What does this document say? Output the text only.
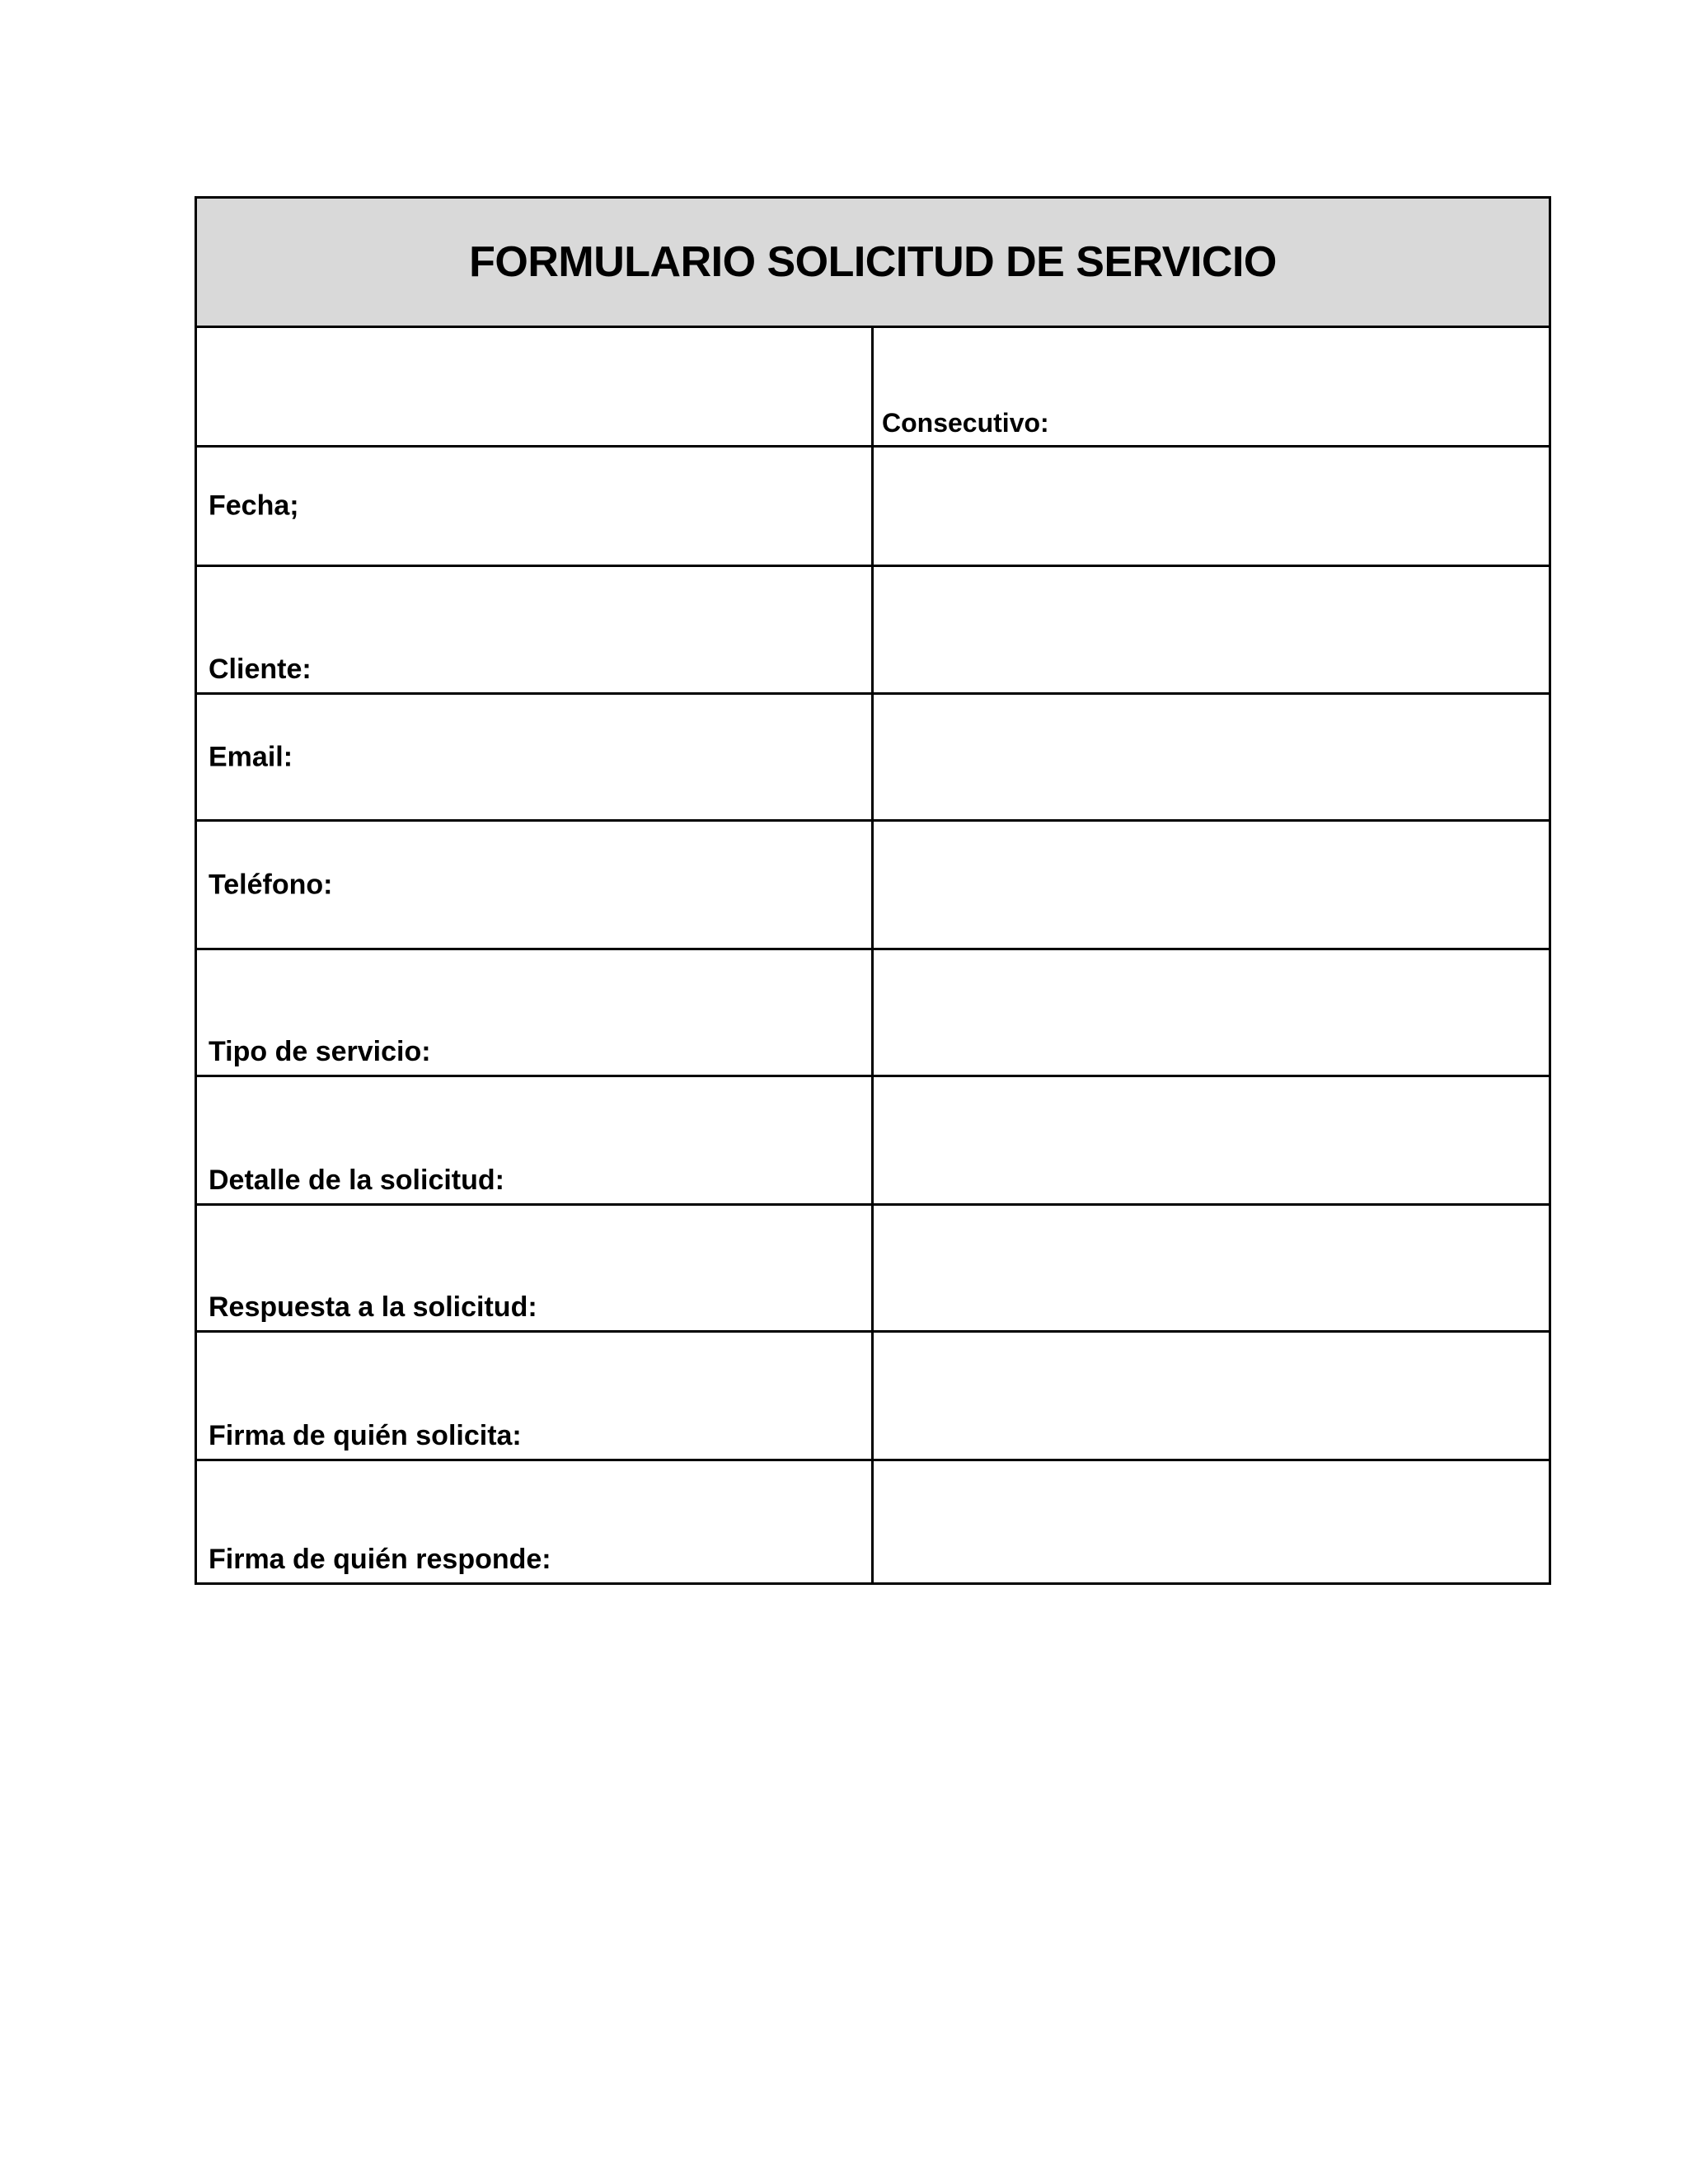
FORMULARIO SOLICITUD DE SERVICIO
Consecutivo:
Fecha;
Cliente:
Email:
Teléfono:
Tipo de servicio:
Detalle de la solicitud:
Respuesta a la solicitud:
Firma de quién solicita:
Firma de quién responde:
